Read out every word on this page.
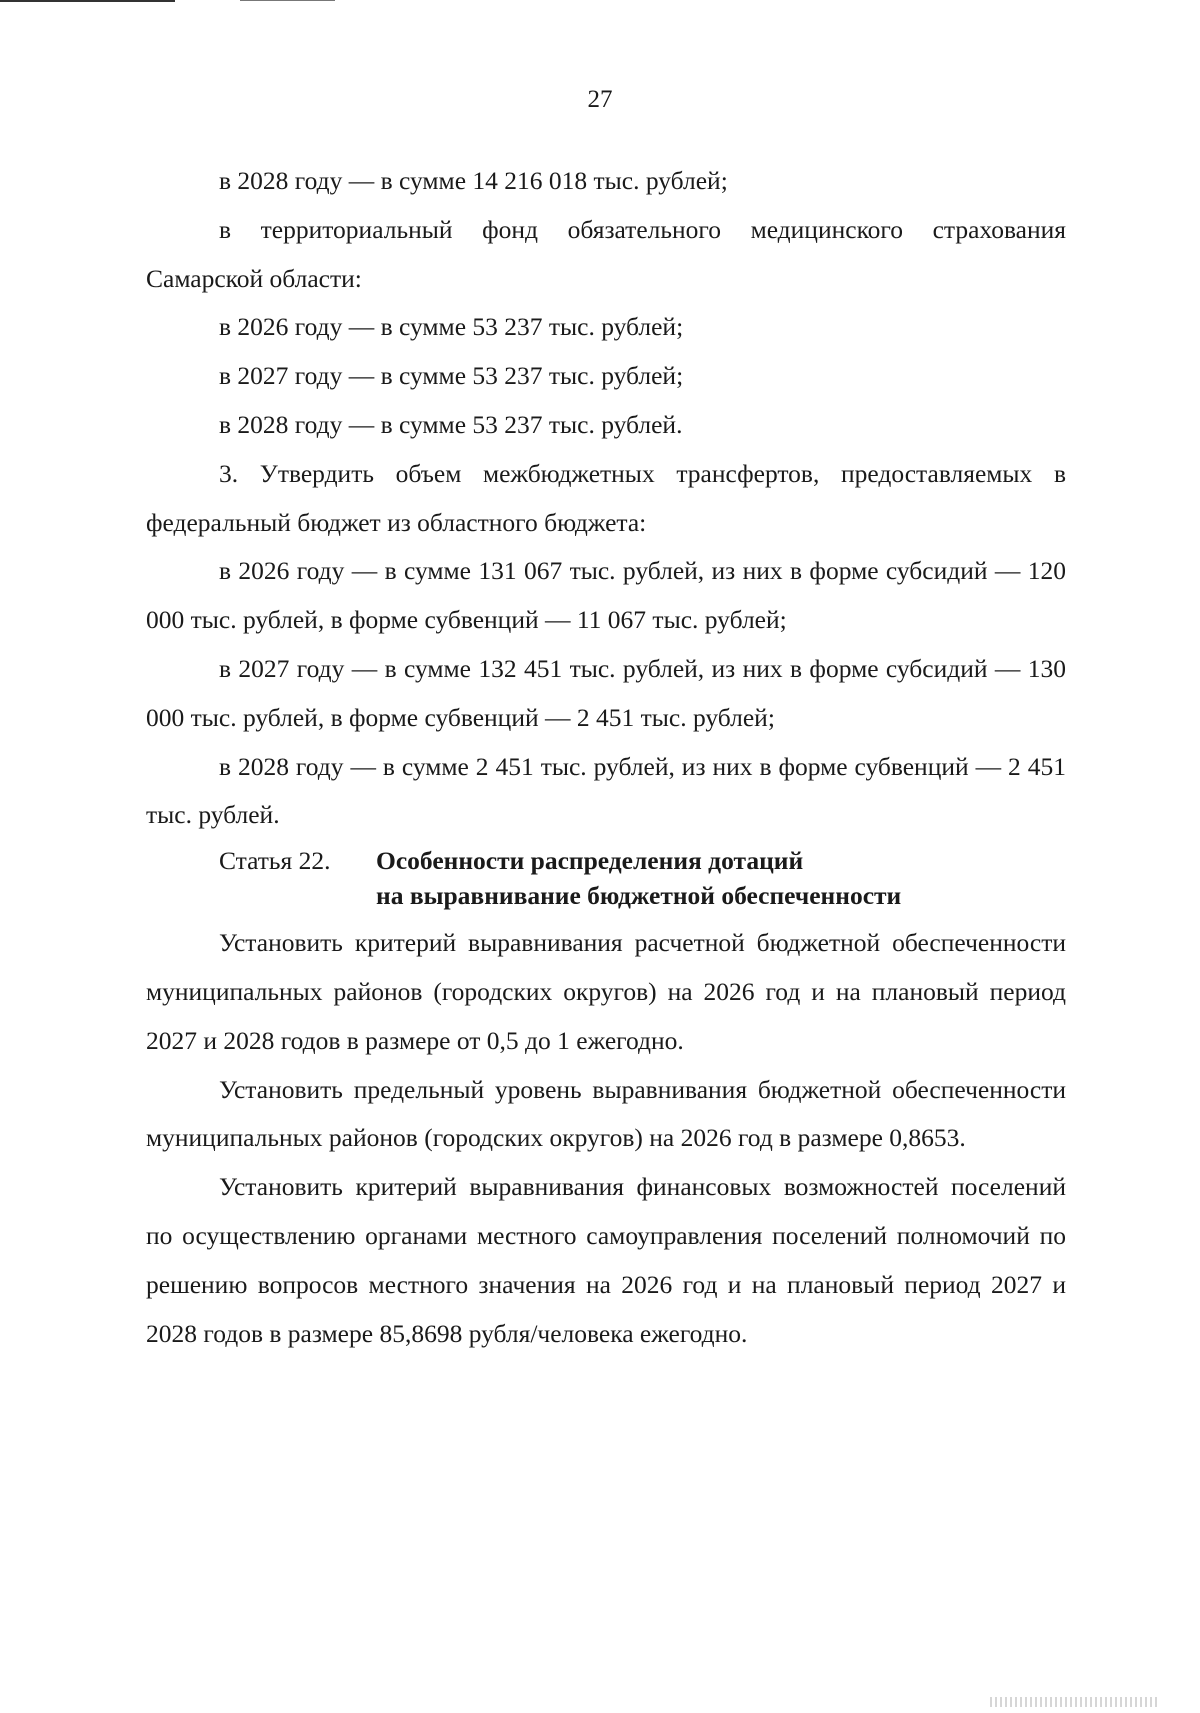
27

в 2028 году — в сумме 14 216 018 тыс. рублей;

в территориальный фонд обязательного медицинского страхования Самарской области:

в 2026 году — в сумме 53 237 тыс. рублей;

в 2027 году — в сумме 53 237 тыс. рублей;

в 2028 году — в сумме 53 237 тыс. рублей.

3. Утвердить объем межбюджетных трансфертов, предоставляемых в федеральный бюджет из областного бюджета:

в 2026 году — в сумме 131 067 тыс. рублей, из них в форме субсидий — 120 000 тыс. рублей, в форме субвенций — 11 067 тыс. рублей;

в 2027 году — в сумме 132 451 тыс. рублей, из них в форме субсидий — 130 000 тыс. рублей, в форме субвенций — 2 451 тыс. рублей;

в 2028 году — в сумме 2 451 тыс. рублей, из них в форме субвенций — 2 451 тыс. рублей.

Статья 22.	Особенности распределения дотаций
на выравнивание бюджетной обеспеченности

Установить критерий выравнивания расчетной бюджетной обеспеченности муниципальных районов (городских округов) на 2026 год и на плановый период 2027 и 2028 годов в размере от 0,5 до 1 ежегодно.

Установить предельный уровень выравнивания бюджетной обеспеченности муниципальных районов (городских округов) на 2026 год в размере 0,8653.

Установить критерий выравнивания финансовых возможностей поселений по осуществлению органами местного самоуправления поселений полномочий по решению вопросов местного значения на 2026 год и на плановый период 2027 и 2028 годов в размере 85,8698 рубля/человека ежегодно.
